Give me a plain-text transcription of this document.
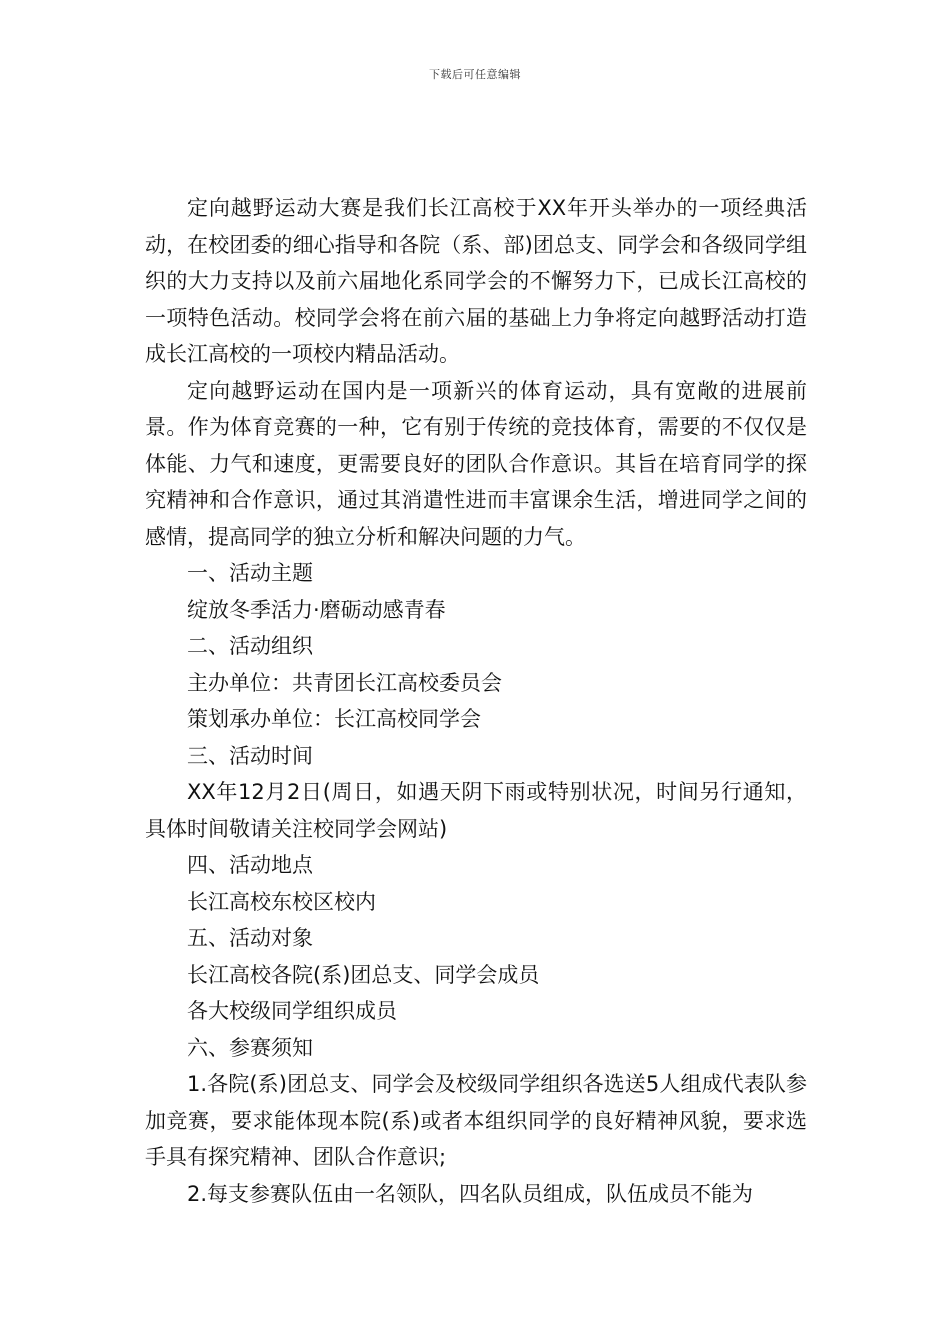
下载后可任意编辑

定向越野运动大赛是我们长江高校于XX年开头举办的一项经典活动，在校团委的细心指导和各院（系、部)团总支、同学会和各级同学组织的大力支持以及前六届地化系同学会的不懈努力下，已成长江高校的一项特色活动。校同学会将在前六届的基础上力争将定向越野活动打造成长江高校的一项校内精品活动。

定向越野运动在国内是一项新兴的体育运动，具有宽敞的进展前景。作为体育竞赛的一种，它有别于传统的竞技体育，需要的不仅仅是体能、力气和速度，更需要良好的团队合作意识。其旨在培育同学的探究精神和合作意识，通过其消遣性进而丰富课余生活，增进同学之间的感情，提高同学的独立分析和解决问题的力气。

一、活动主题

绽放冬季活力·磨砺动感青春

二、活动组织

主办单位：共青团长江高校委员会

策划承办单位：长江高校同学会

三、活动时间

XX年12月2日(周日，如遇天阴下雨或特别状况，时间另行通知，具体时间敬请关注校同学会网站)

四、活动地点

长江高校东校区校内

五、活动对象

长江高校各院(系)团总支、同学会成员

各大校级同学组织成员

六、参赛须知

1.各院(系)团总支、同学会及校级同学组织各选送5人组成代表队参加竞赛，要求能体现本院(系)或者本组织同学的良好精神风貌，要求选手具有探究精神、团队合作意识;

2.每支参赛队伍由一名领队，四名队员组成，队伍成员不能为
